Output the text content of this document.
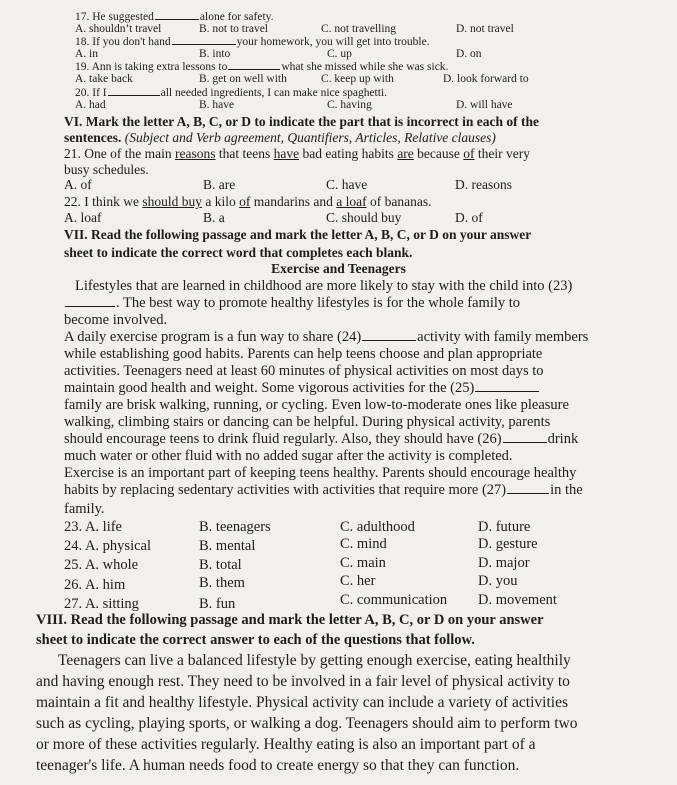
17. He suggested	alone for safety.
A. shouldn’t travel	B. not to travel	C. not travelling	D. not travel
18. If you don't hand	your homework, you will get into trouble.
A. in	B. into	C. up	D. on
19. Ann is taking extra lessons to	what she missed while she was sick.
A. take back	B. get on well with	C. keep up with	D. look forward to
20. If I	all needed ingredients, I can make nice spaghetti.
A. had	B. have	C. having	D. will have
VI. Mark the letter A, B, C, or D to indicate the part that is incorrect in each of the
sentences. (Subject and Verb agreement, Quantifiers, Articles, Relative clauses)
21. One of the main reasons that teens have bad eating habits are because of their very
busy schedules.
A. of	B. are	C. have	D. reasons
22. I think we should buy a kilo of mandarins and a loaf of bananas.
A. loaf	B. a	C. should buy	D. of
VII. Read the following passage and mark the letter A, B, C, or D on your answer
sheet to indicate the correct word that completes each blank.
Exercise and Teenagers
Lifestyles that are learned in childhood are more likely to stay with the child into (23)
. The best way to promote healthy lifestyles is for the whole family to
become involved.
A daily exercise program is a fun way to share (24)	activity with family members
while establishing good habits. Parents can help teens choose and plan appropriate
activities. Teenagers need at least 60 minutes of physical activities on most days to
maintain good health and weight. Some vigorous activities for the (25)
family are brisk walking, running, or cycling. Even low-to-moderate ones like pleasure
walking, climbing stairs or dancing can be helpful. During physical activity, parents
should encourage teens to drink fluid regularly. Also, they should have (26)	drink
much water or other fluid with no added sugar after the activity is completed.
Exercise is an important part of keeping teens healthy. Parents should encourage healthy
habits by replacing sedentary activities with activities that require more (27)	in the
family.
23. A. life	B. teenagers	C. adulthood	D. future
24. A. physical	B. mental	C. mind	D. gesture
25. A. whole	B. total	C. main	D. major
26. A. him	B. them	C. her	D. you
27. A. sitting	B. fun	C. communication D. movement
VIII. Read the following passage and mark the letter A, B, C, or D on your answer
sheet to indicate the correct answer to each of the questions that follow.
Teenagers can live a balanced lifestyle by getting enough exercise, eating healthily
and having enough rest. They need to be involved in a fair level of physical activity to
maintain a fit and healthy lifestyle. Physical activity can include a variety of activities
such as cycling, playing sports, or walking a dog. Teenagers should aim to perform two
or more of these activities regularly. Healthy eating is also an important part of a
teenager's life. A human needs food to create energy so that they can function.
